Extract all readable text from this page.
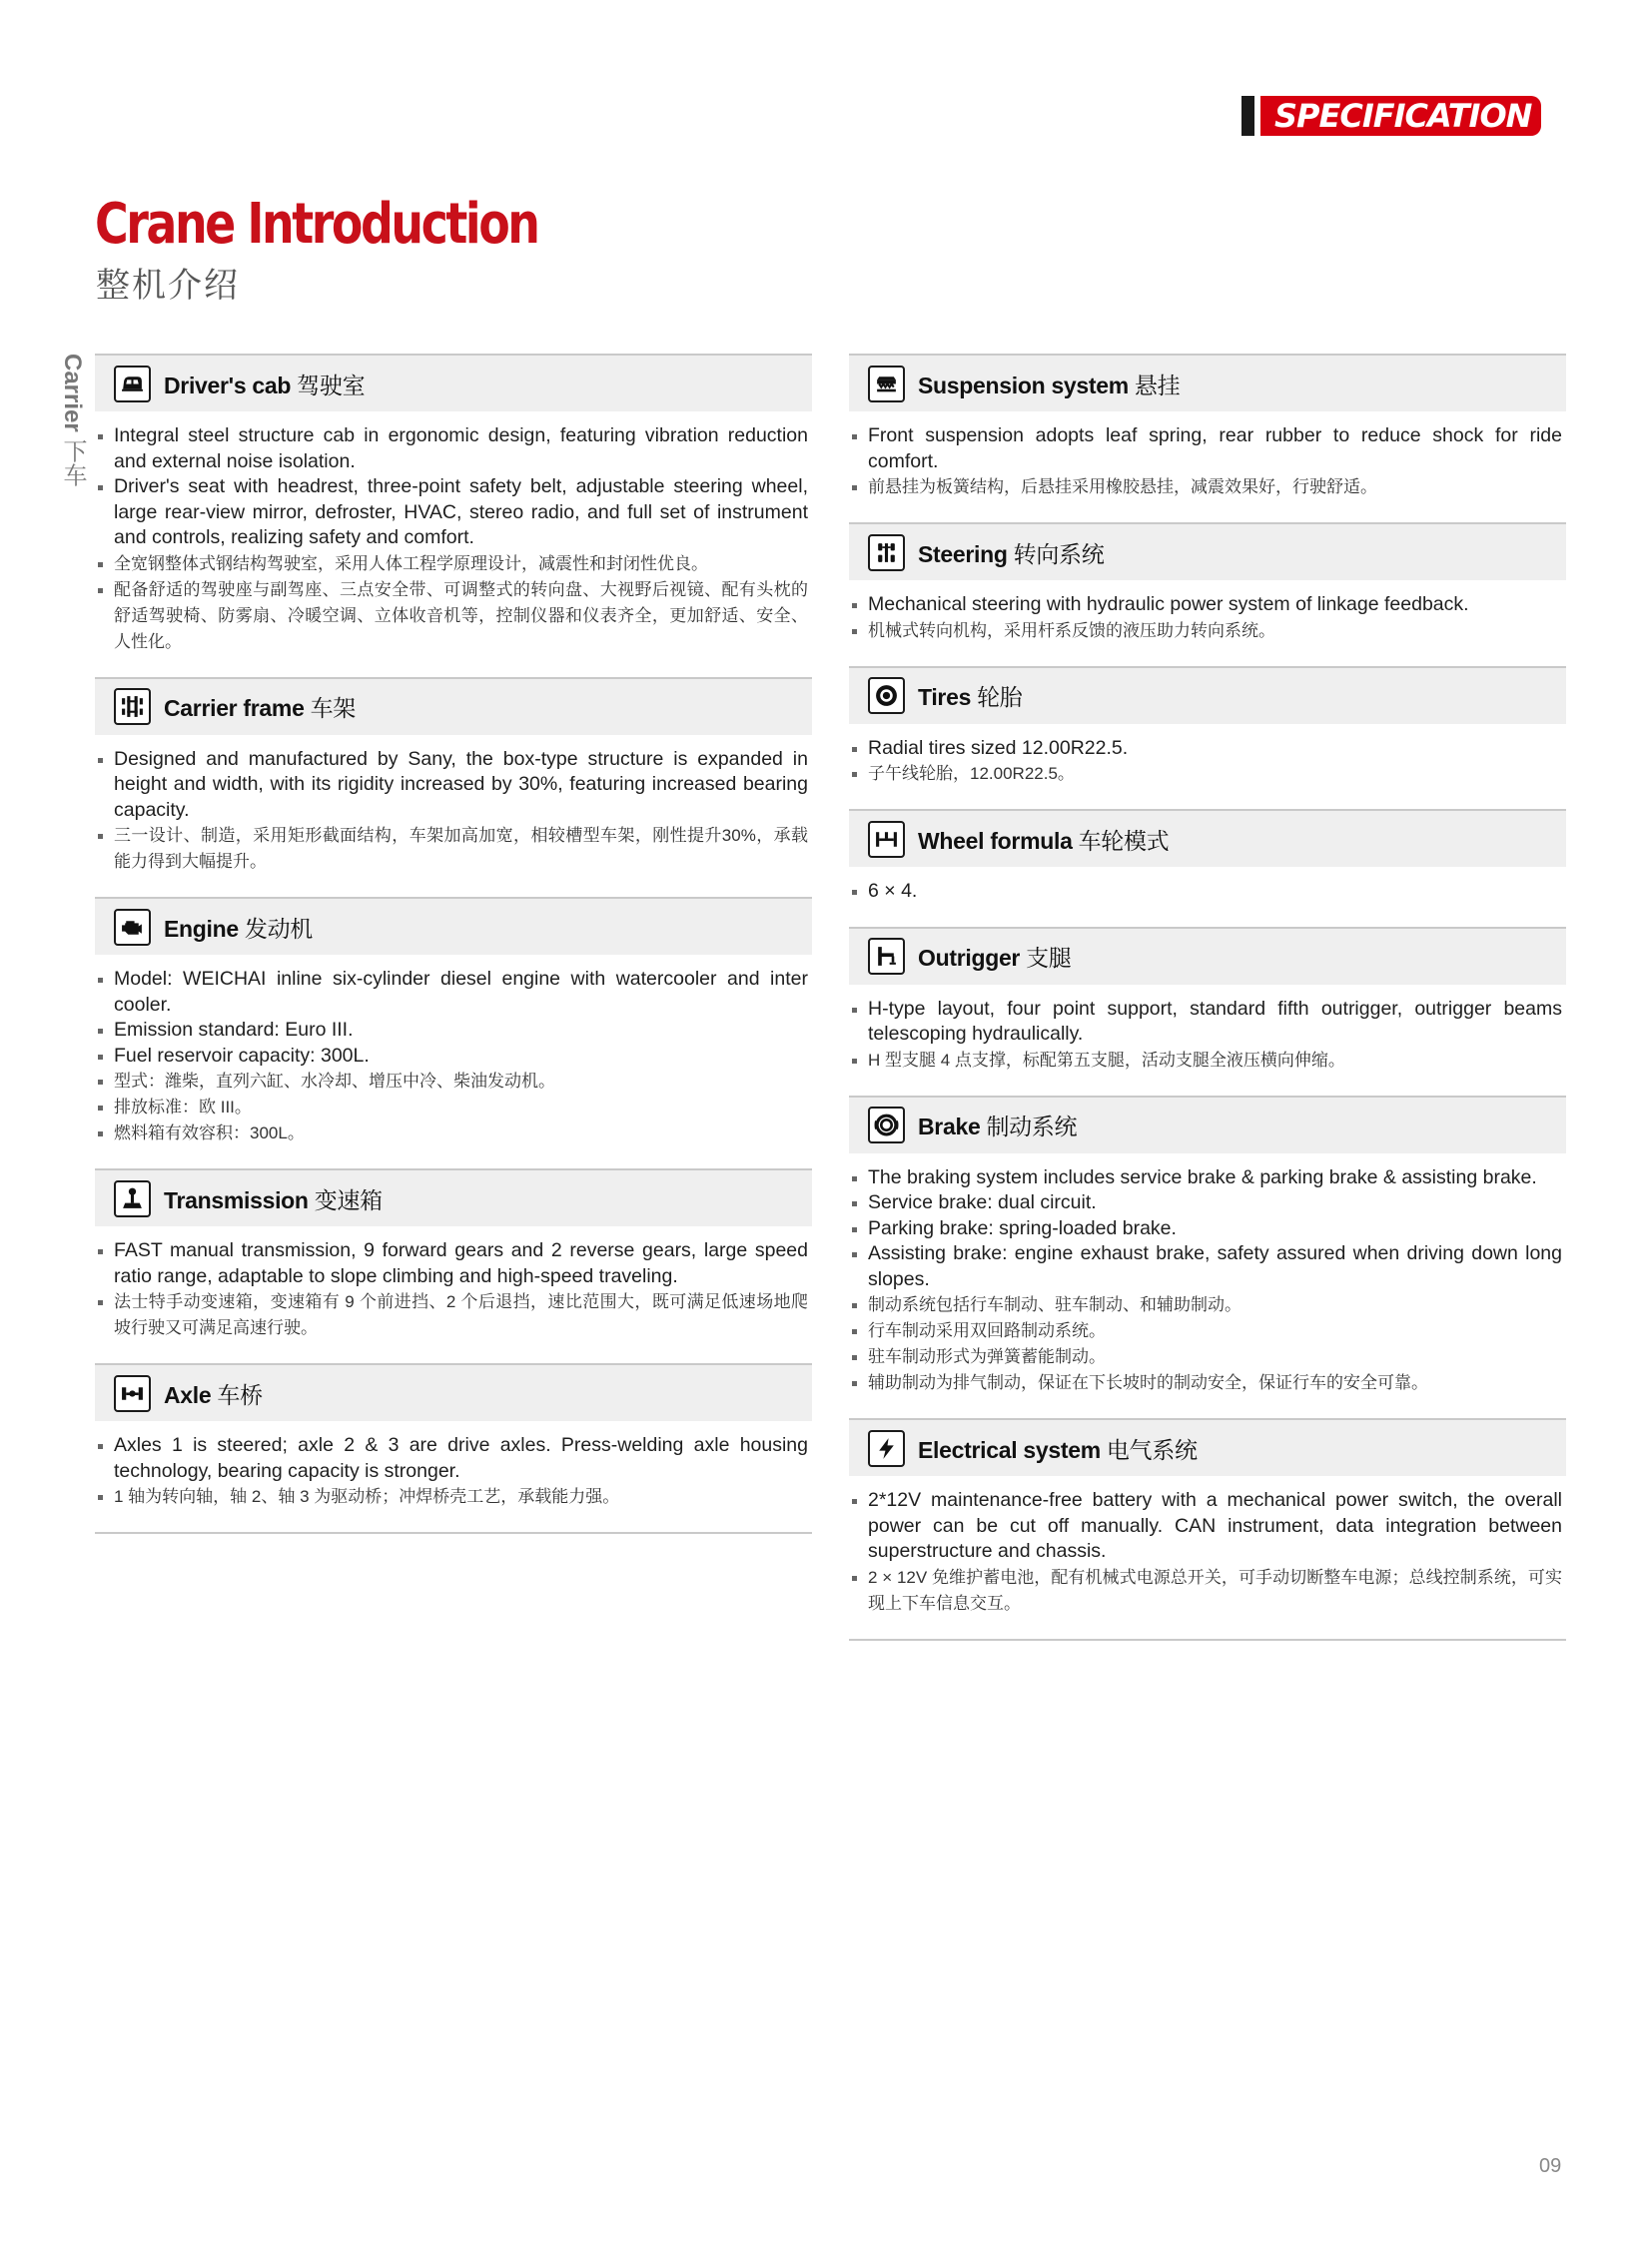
SPECIFICATION
Crane Introduction
整机介绍
Carrier 下车
Driver's cab 驾驶室
Integral steel structure cab in ergonomic design, featuring vibration reduction and external noise isolation.
Driver's seat with headrest, three-point safety belt, adjustable steering wheel, large rear-view mirror, defroster, HVAC, stereo radio, and full set of instrument and controls, realizing safety and comfort.
全宽钢整体式钢结构驾驶室，采用人体工程学原理设计，减震性和封闭性优良。
配备舒适的驾驶座与副驾座、三点安全带、可调整式的转向盘、大视野后视镜、配有头枕的舒适驾驶椅、防雾扇、冷暖空调、立体收音机等，控制仪器和仪表齐全，更加舒适、安全、人性化。
Carrier frame 车架
Designed and manufactured by Sany, the box-type structure is expanded in height and width, with its rigidity increased by 30%, featuring increased bearing capacity.
三一设计、制造，采用矩形截面结构，车架加高加宽，相较槽型车架，刚性提升30%，承载能力得到大幅提升。
Engine 发动机
Model: WEICHAI inline six-cylinder diesel engine with watercooler and inter cooler.
Emission standard: Euro III.
Fuel reservoir capacity: 300L.
型式：潍柴，直列六缸、水冷却、增压中冷、柴油发动机。
排放标准：欧 III。
燃料箱有效容积：300L。
Transmission 变速箱
FAST manual transmission, 9 forward gears and 2 reverse gears, large speed ratio range, adaptable to slope climbing and high-speed traveling.
法士特手动变速箱，变速箱有 9 个前进挡、2 个后退挡，速比范围大，既可满足低速场地爬坡行驶又可满足高速行驶。
Axle 车桥
Axles 1 is steered; axle 2 & 3 are drive axles. Press-welding axle housing technology, bearing capacity is stronger.
1 轴为转向轴，轴 2、轴 3 为驱动桥；冲焊桥壳工艺，承载能力强。
Suspension system 悬挂
Front suspension adopts leaf spring, rear rubber to reduce shock for ride comfort.
前悬挂为板簧结构，后悬挂采用橡胶悬挂，减震效果好，行驶舒适。
Steering 转向系统
Mechanical steering with hydraulic power system of linkage feedback.
机械式转向机构，采用杆系反馈的液压助力转向系统。
Tires 轮胎
Radial tires sized 12.00R22.5.
子午线轮胎，12.00R22.5。
Wheel formula 车轮模式
6 × 4.
Outrigger 支腿
H-type layout, four point support, standard fifth outrigger, outrigger beams telescoping hydraulically.
H 型支腿 4 点支撑，标配第五支腿，活动支腿全液压横向伸缩。
Brake 制动系统
The braking system includes service brake & parking brake & assisting brake.
Service brake: dual circuit.
Parking brake: spring-loaded brake.
Assisting brake: engine exhaust brake, safety assured when driving down long slopes.
制动系统包括行车制动、驻车制动、和辅助制动。
行车制动采用双回路制动系统。
驻车制动形式为弹簧蓄能制动。
辅助制动为排气制动，保证在下长坡时的制动安全，保证行车的安全可靠。
Electrical system 电气系统
2*12V maintenance-free battery with a mechanical power switch, the overall power can be cut off manually. CAN instrument, data integration between superstructure and chassis.
2 × 12V 免维护蓄电池，配有机械式电源总开关，可手动切断整车电源；总线控制系统，可实现上下车信息交互。
09
